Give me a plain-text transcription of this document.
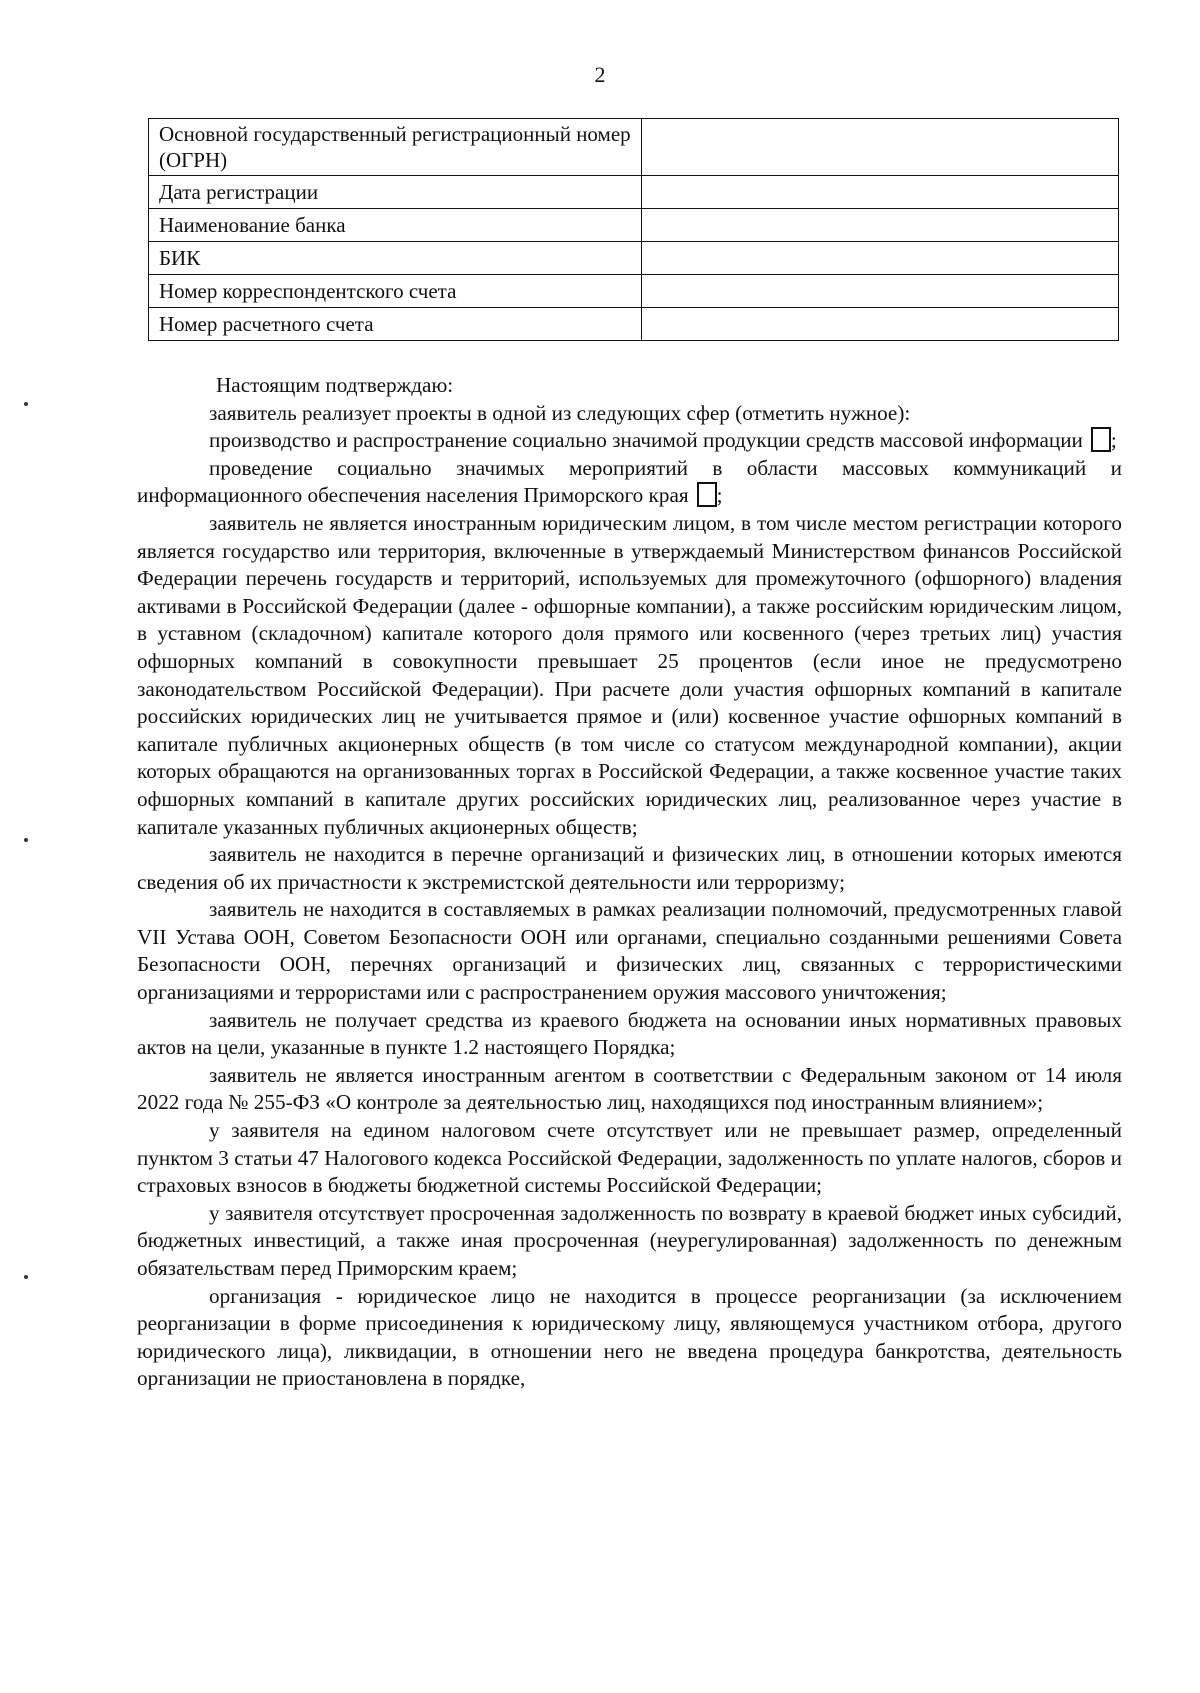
2
Основной государственный регистрационный номер (ОГРН)	
Дата регистрации	
Наименование банка	
БИК	
Номер корреспондентского счета	
Номер расчетного счета	

Настоящим подтверждаю:

заявитель реализует проекты в одной из следующих сфер (отметить нужное):

производство и распространение социально значимой продукции средств массовой информации ;

проведение социально значимых мероприятий в области массовых коммуникаций и информационного обеспечения населения Приморского края ;

заявитель не является иностранным юридическим лицом, в том числе местом регистрации которого является государство или территория, включенные в утверждаемый Министерством финансов Российской Федерации перечень государств и территорий, используемых для промежуточного (офшорного) владения активами в Российской Федерации (далее - офшорные компании), а также российским юридическим лицом, в уставном (складочном) капитале которого доля прямого или косвенного (через третьих лиц) участия офшорных компаний в совокупности превышает 25 процентов (если иное не предусмотрено законодательством Российской Федерации). При расчете доли участия офшорных компаний в капитале российских юридических лиц не учитывается прямое и (или) косвенное участие офшорных компаний в капитале публичных акционерных обществ (в том числе со статусом международной компании), акции которых обращаются на организованных торгах в Российской Федерации, а также косвенное участие таких офшорных компаний в капитале других российских юридических лиц, реализованное через участие в капитале указанных публичных акционерных обществ;

заявитель не находится в перечне организаций и физических лиц, в отношении которых имеются сведения об их причастности к экстремистской деятельности или терроризму;

заявитель не находится в составляемых в рамках реализации полномочий, предусмотренных главой VII Устава ООН, Советом Безопасности ООН или органами, специально созданными решениями Совета Безопасности ООН, перечнях организаций и физических лиц, связанных с террористическими организациями и террористами или с распространением оружия массового уничтожения;

заявитель не получает средства из краевого бюджета на основании иных нормативных правовых актов на цели, указанные в пункте 1.2 настоящего Порядка;

заявитель не является иностранным агентом в соответствии с Федеральным законом от 14 июля 2022 года № 255-ФЗ «О контроле за деятельностью лиц, находящихся под иностранным влиянием»;

у заявителя на едином налоговом счете отсутствует или не превышает размер, определенный пунктом 3 статьи 47 Налогового кодекса Российской Федерации, задолженность по уплате налогов, сборов и страховых взносов в бюджеты бюджетной системы Российской Федерации;

у заявителя отсутствует просроченная задолженность по возврату в краевой бюджет иных субсидий, бюджетных инвестиций, а также иная просроченная (неурегулированная) задолженность по денежным обязательствам перед Приморским краем;

организация - юридическое лицо не находится в процессе реорганизации (за исключением реорганизации в форме присоединения к юридическому лицу, являющемуся участником отбора, другого юридического лица), ликвидации, в отношении него не введена процедура банкротства, деятельность организации не приостановлена в порядке,
